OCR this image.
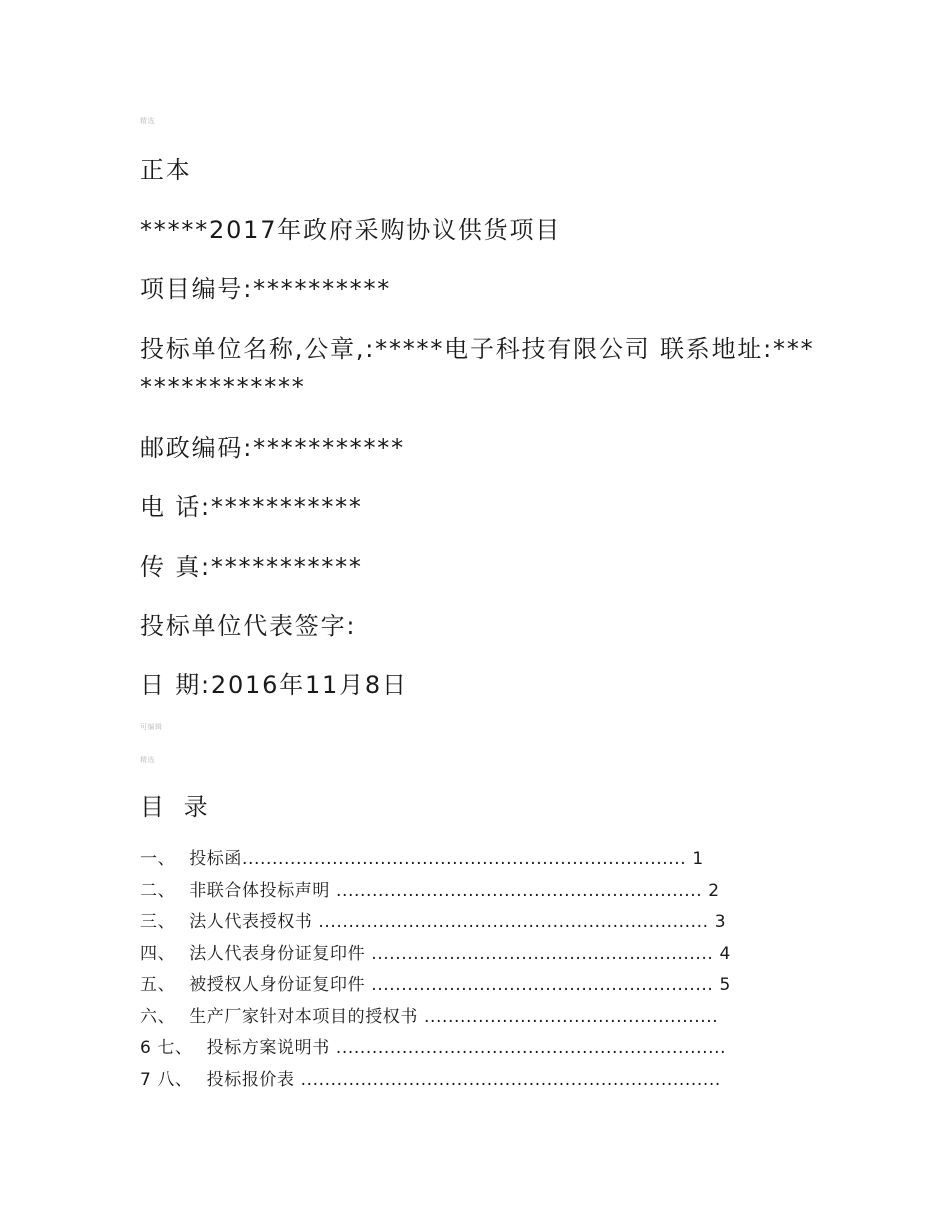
精选
正本
*****2017年政府采购协议供货项目
项目编号:**********
投标单位名称,公章,:*****电子科技有限公司 联系地址:***************
邮政编码:***********
电 话:***********
传 真:***********
投标单位代表签字:
日 期:2016年11月8日
可编辑
精选
目 录
一、 投标函.......................................................................... 1
二、 非联合体投标声明 ............................................................. 2
三、 法人代表授权书 ................................................................. 3
四、 法人代表身份证复印件 ......................................................... 4
五、 被授权人身份证复印件 ......................................................... 5
六、 生产厂家针对本项目的授权书 .................................................
6 七、 投标方案说明书 .................................................................
7 八、 投标报价表 ......................................................................
